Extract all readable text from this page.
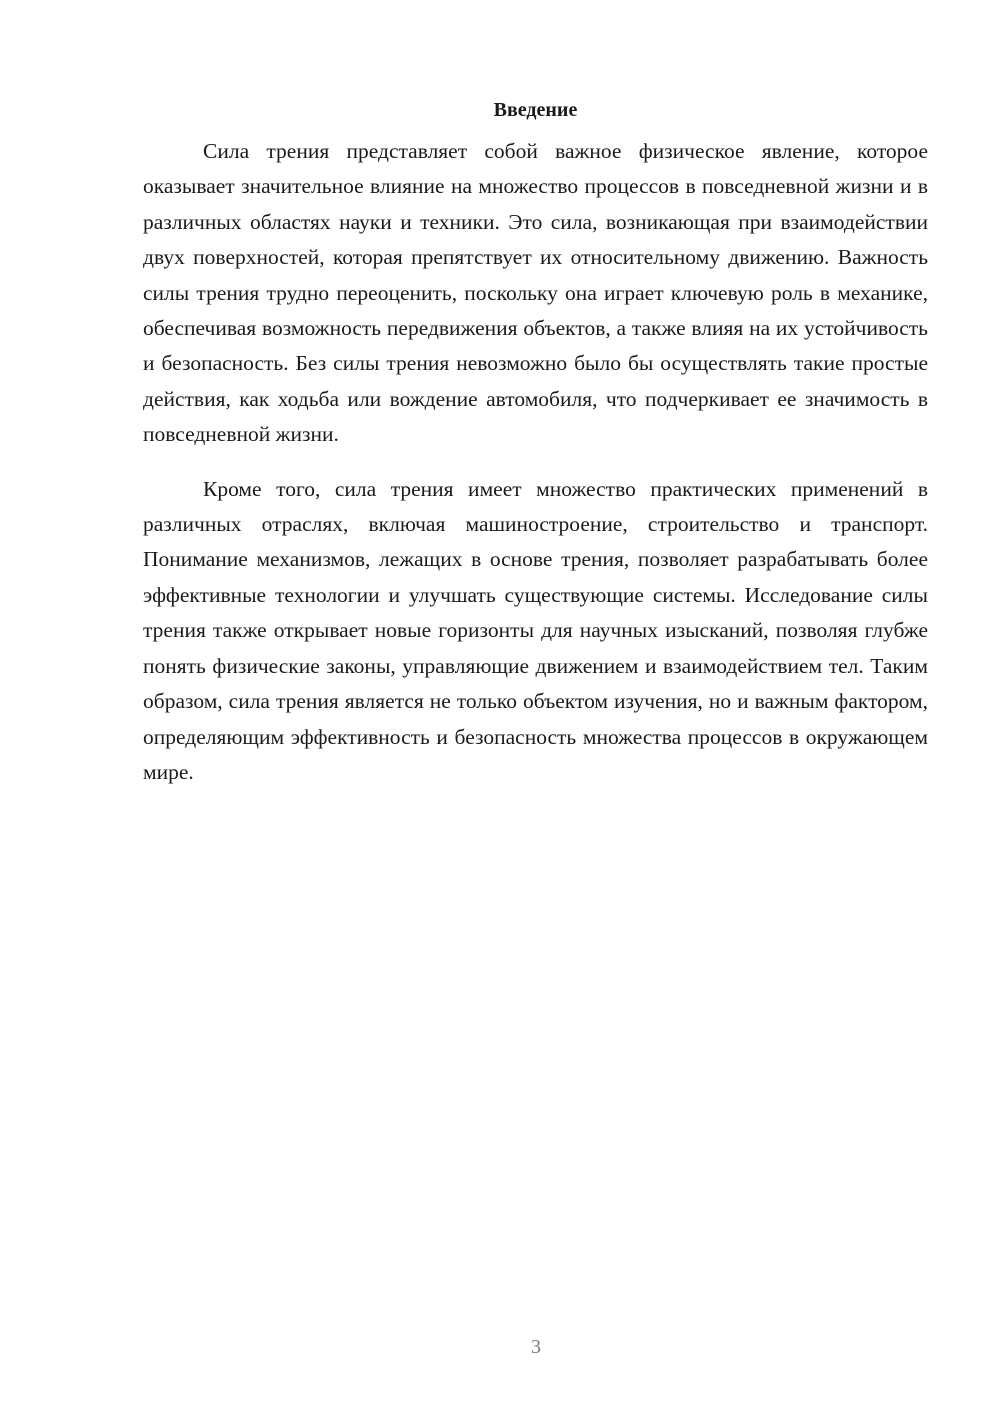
Введение

Сила трения представляет собой важное физическое явление, которое оказывает значительное влияние на множество процессов в повседневной жизни и в различных областях науки и техники. Это сила, возникающая при взаимодействии двух поверхностей, которая препятствует их относительному движению. Важность силы трения трудно переоценить, поскольку она играет ключевую роль в механике, обеспечивая возможность передвижения объектов, а также влияя на их устойчивость и безопасность. Без силы трения невозможно было бы осуществлять такие простые действия, как ходьба или вождение автомобиля, что подчеркивает ее значимость в повседневной жизни.

Кроме того, сила трения имеет множество практических применений в различных отраслях, включая машиностроение, строительство и транспорт. Понимание механизмов, лежащих в основе трения, позволяет разрабатывать более эффективные технологии и улучшать существующие системы. Исследование силы трения также открывает новые горизонты для научных изысканий, позволяя глубже понять физические законы, управляющие движением и взаимодействием тел. Таким образом, сила трения является не только объектом изучения, но и важным фактором, определяющим эффективность и безопасность множества процессов в окружающем мире.

3
